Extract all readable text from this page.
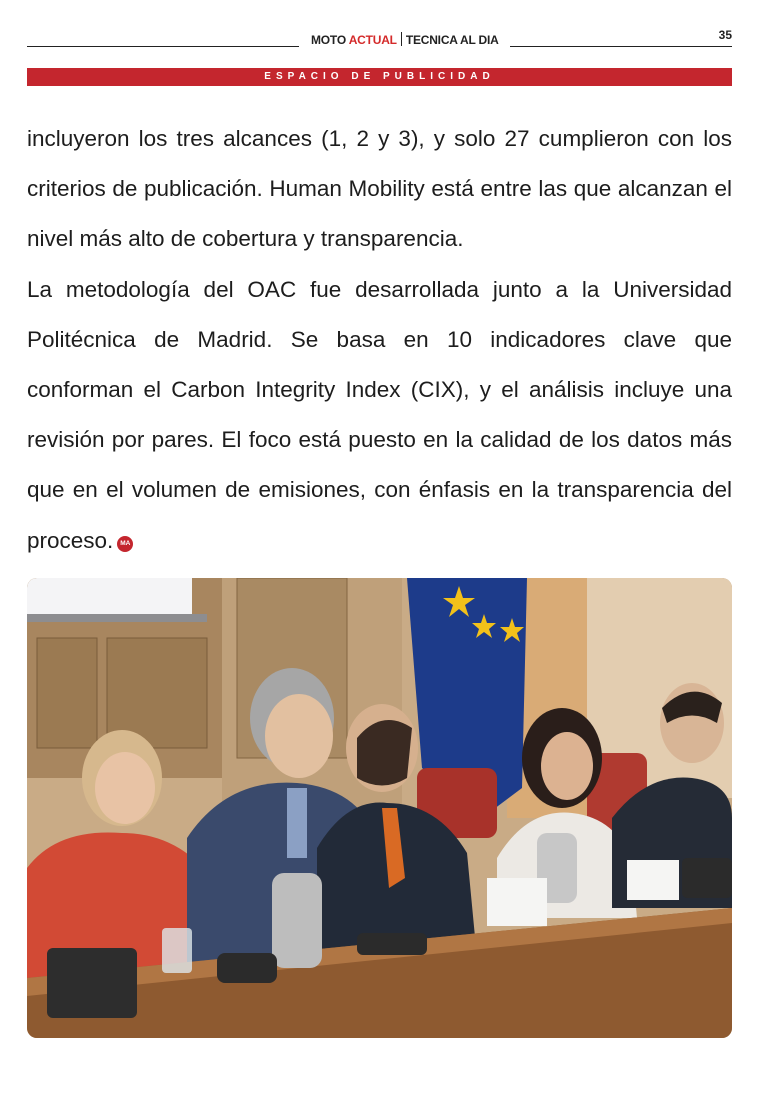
MOTO ACTUAL TECNICA AL DIA	35
ESPACIO DE PUBLICIDAD

incluyeron los tres alcances (1, 2 y 3), y solo 27 cumplieron con los criterios de publicación. Human Mobility está entre las que alcanzan el nivel más alto de cobertura y transparencia.

La metodología del OAC fue desarrollada junto a la Universidad Politécnica de Madrid. Se basa en 10 indicadores clave que conforman el Carbon Integrity Index (CIX), y el análisis incluye una revisión por pares. El foco está puesto en la calidad de los datos más que en el volumen de emisiones, con énfasis en la transparencia del proceso. MA
